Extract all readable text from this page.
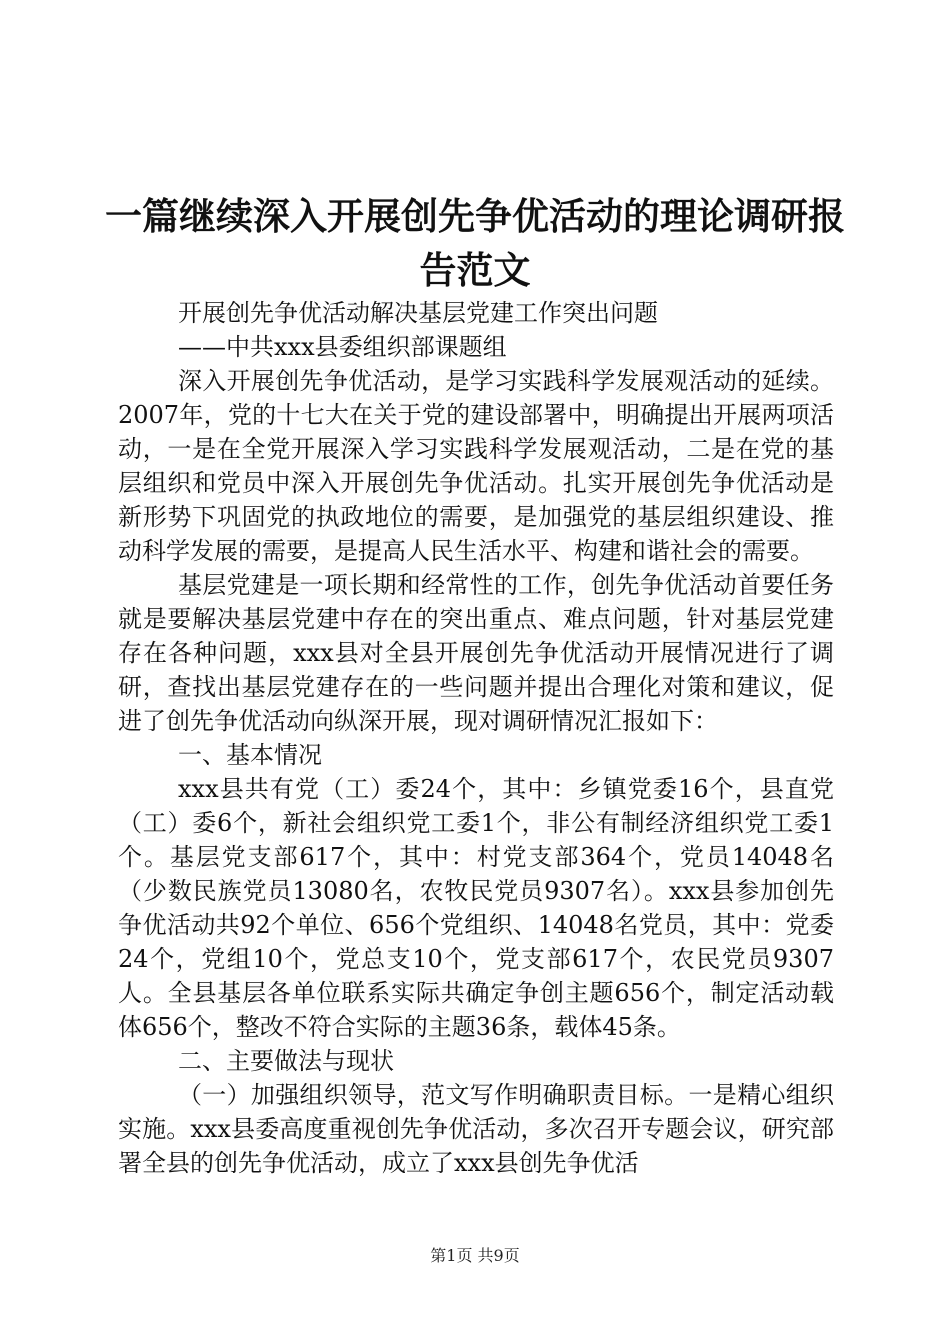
一篇继续深入开展创先争优活动的理论调研报
告范文

开展创先争优活动解决基层党建工作突出问题

——中共xxx县委组织部课题组

深入开展创先争优活动，是学习实践科学发展观活动的延续。2007年，党的十七大在关于党的建设部署中，明确提出开展两项活动，一是在全党开展深入学习实践科学发展观活动，二是在党的基层组织和党员中深入开展创先争优活动。扎实开展创先争优活动是新形势下巩固党的执政地位的需要，是加强党的基层组织建设、推动科学发展的需要，是提高人民生活水平、构建和谐社会的需要。

基层党建是一项长期和经常性的工作，创先争优活动首要任务就是要解决基层党建中存在的突出重点、难点问题，针对基层党建存在各种问题，xxx县对全县开展创先争优活动开展情况进行了调研，查找出基层党建存在的一些问题并提出合理化对策和建议，促进了创先争优活动向纵深开展，现对调研情况汇报如下：

一、基本情况

xxx县共有党（工）委24个，其中：乡镇党委16个，县直党（工）委6个，新社会组织党工委1个，非公有制经济组织党工委1个。基层党支部617个，其中：村党支部364个，党员14048名（少数民族党员13080名，农牧民党员9307名）。xxx县参加创先争优活动共92个单位、656个党组织、14048名党员，其中：党委24个，党组10个，党总支10个，党支部617个，农民党员9307人。全县基层各单位联系实际共确定争创主题656个，制定活动载体656个，整改不符合实际的主题36条，载体45条。

二、主要做法与现状

（一）加强组织领导，范文写作明确职责目标。一是精心组织实施。xxx县委高度重视创先争优活动，多次召开专题会议，研究部署全县的创先争优活动，成立了xxx县创先争优活

第1页 共9页
